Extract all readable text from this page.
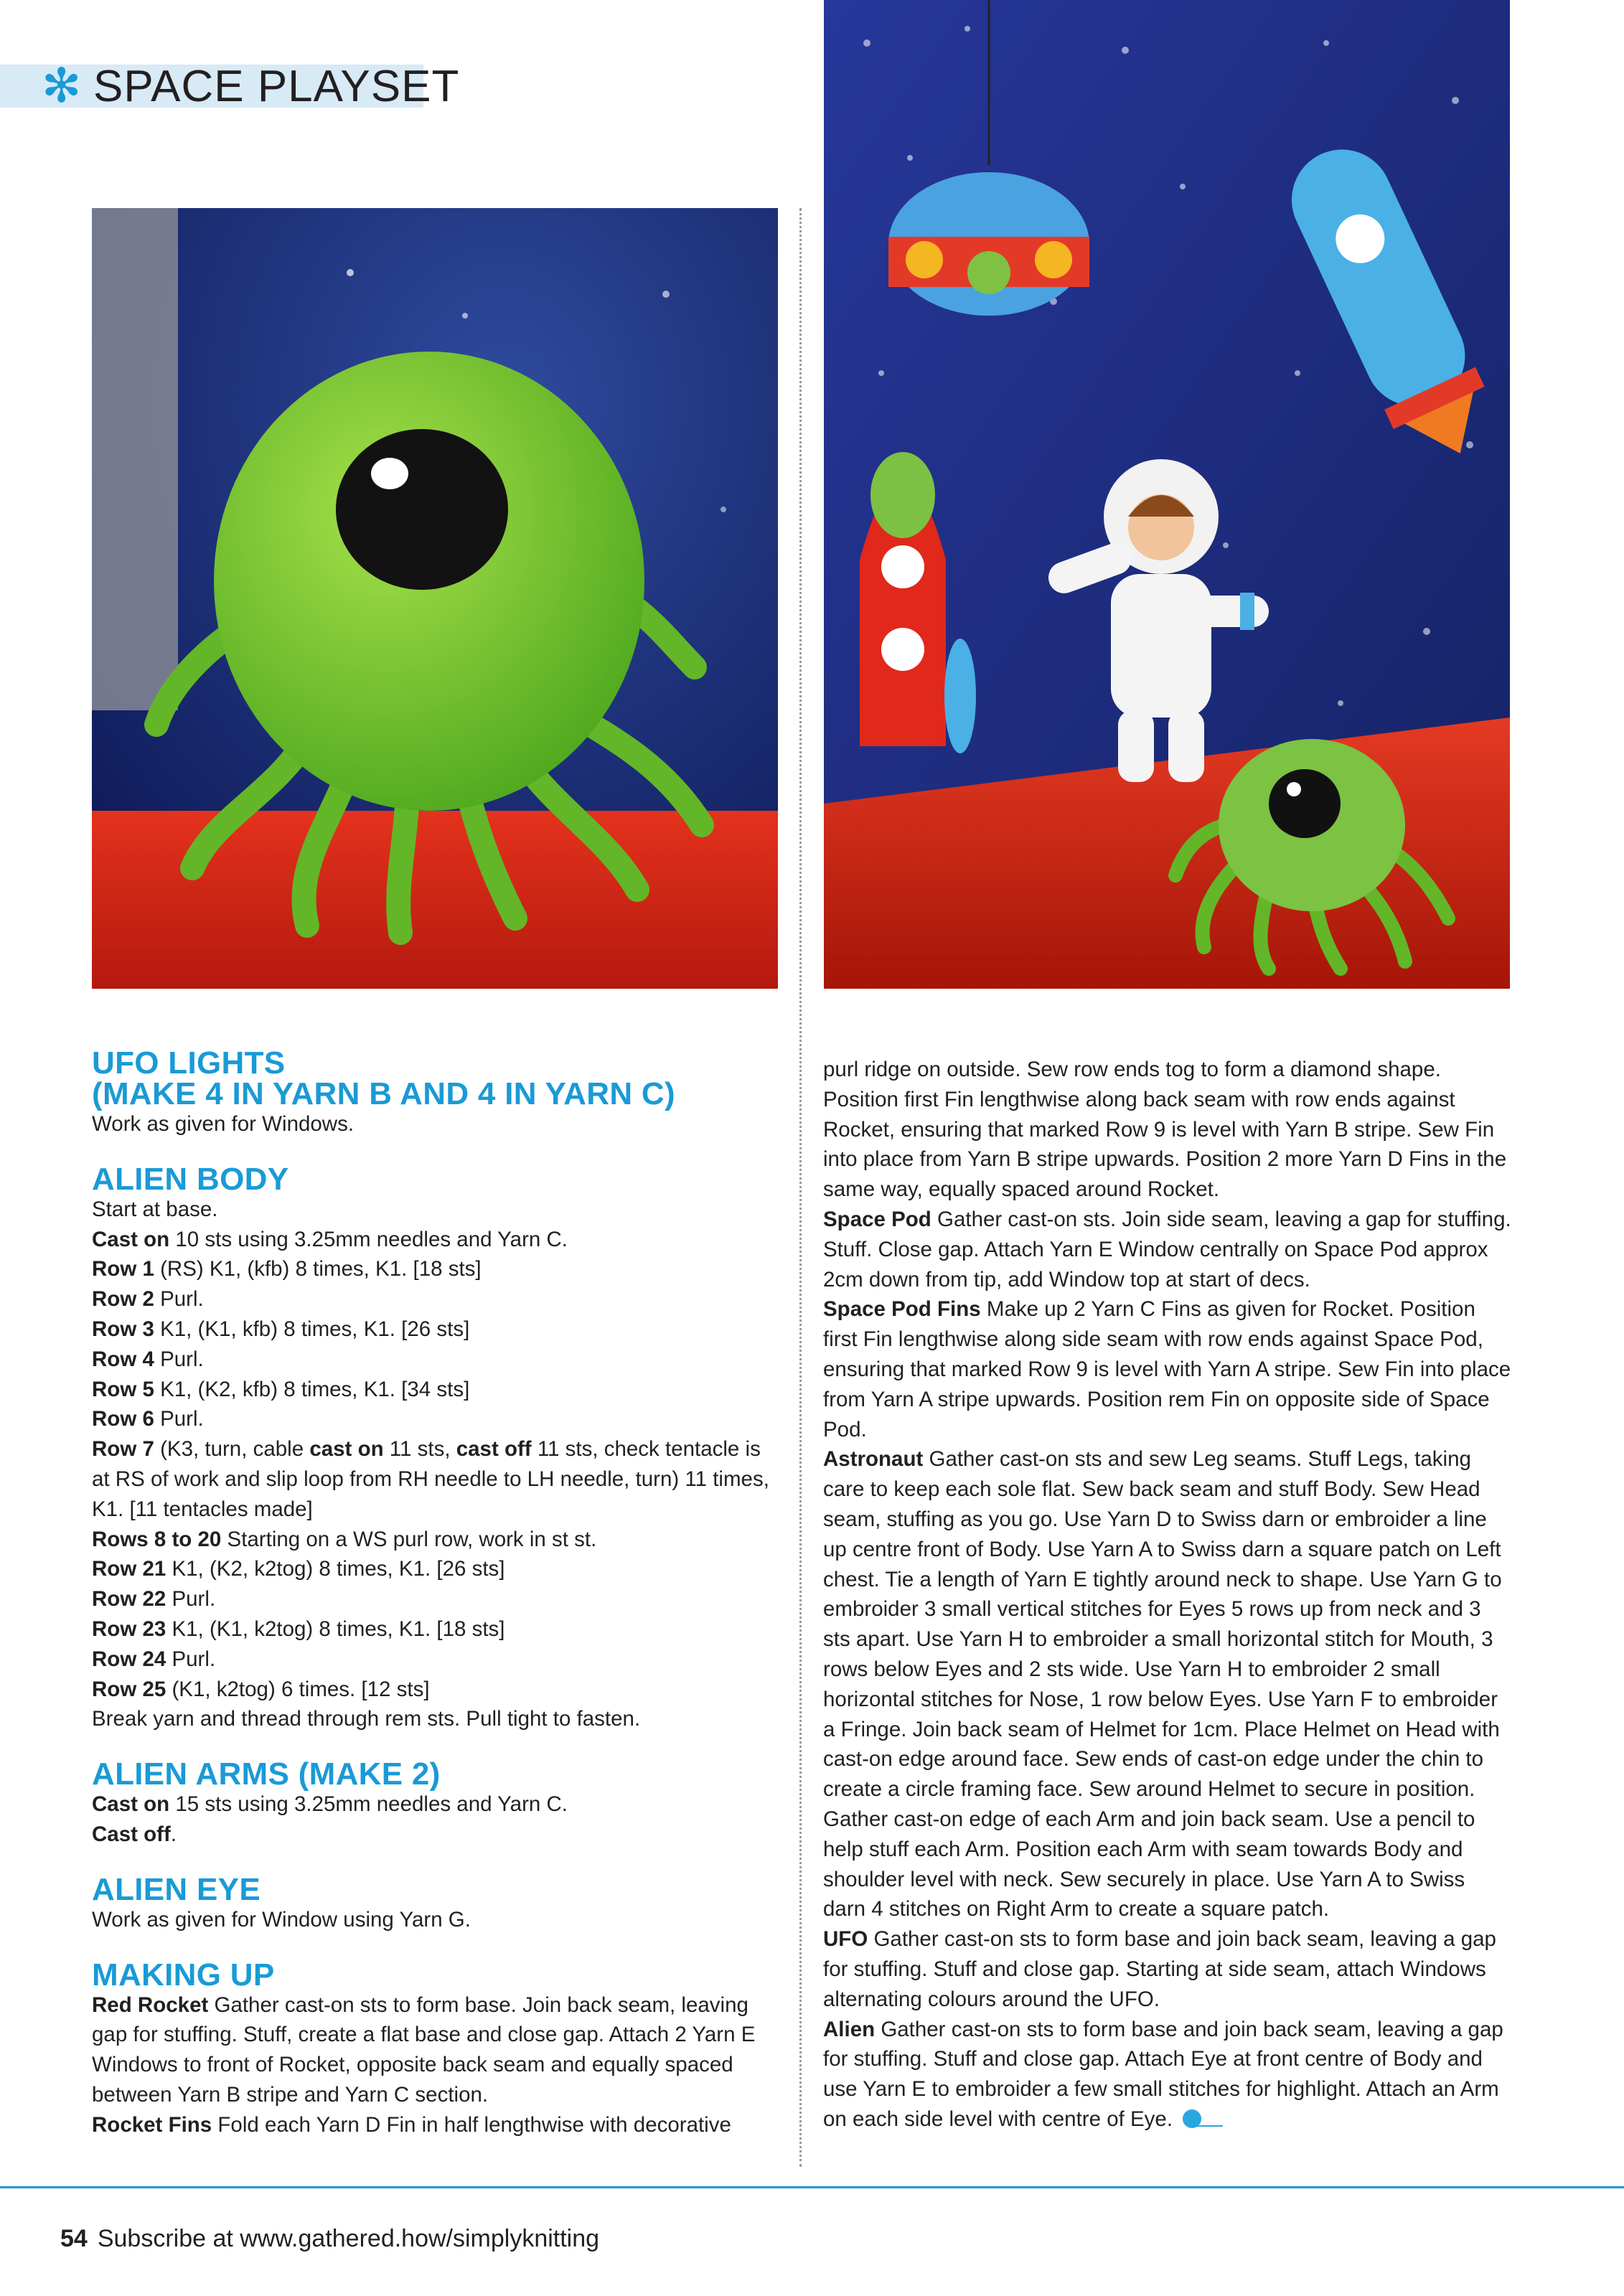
✻ SPACE PLAYSET
UFO LIGHTS
(MAKE 4 IN YARN B AND 4 IN YARN C)

Work as given for Windows.

ALIEN BODY

Start at base.

Cast on 10 sts using 3.25mm needles and Yarn C.

Row 1 (RS) K1, (kfb) 8 times, K1. [18 sts]

Row 2 Purl.

Row 3 K1, (K1, kfb) 8 times, K1. [26 sts]

Row 4 Purl.

Row 5 K1, (K2, kfb) 8 times, K1. [34 sts]

Row 6 Purl.

Row 7 (K3, turn, cable cast on 11 sts, cast off 11 sts, check tentacle is at RS of work and slip loop from RH needle to LH needle, turn) 11 times, K1. [11 tentacles made]

Rows 8 to 20 Starting on a WS purl row, work in st st.

Row 21 K1, (K2, k2tog) 8 times, K1. [26 sts]

Row 22 Purl.

Row 23 K1, (K1, k2tog) 8 times, K1. [18 sts]

Row 24 Purl.

Row 25 (K1, k2tog) 6 times. [12 sts]

Break yarn and thread through rem sts. Pull tight to fasten.

ALIEN ARMS (MAKE 2)

Cast on 15 sts using 3.25mm needles and Yarn C.

Cast off.

ALIEN EYE

Work as given for Window using Yarn G.

MAKING UP

Red Rocket Gather cast-on sts to form base. Join back seam, leaving gap for stuffing. Stuff, create a flat base and close gap. Attach 2 Yarn E Windows to front of Rocket, opposite back seam and equally spaced between Yarn B stripe and Yarn C section.

Rocket Fins Fold each Yarn D Fin in half lengthwise with decorative

purl ridge on outside. Sew row ends tog to form a diamond shape. Position first Fin lengthwise along back seam with row ends against Rocket, ensuring that marked Row 9 is level with Yarn B stripe. Sew Fin into place from Yarn B stripe upwards. Position 2 more Yarn D Fins in the same way, equally spaced around Rocket.

Space Pod Gather cast-on sts. Join side seam, leaving a gap for stuffing. Stuff. Close gap. Attach Yarn E Window centrally on Space Pod approx 2cm down from tip, add Window top at start of decs.

Space Pod Fins Make up 2 Yarn C Fins as given for Rocket. Position first Fin lengthwise along side seam with row ends against Space Pod, ensuring that marked Row 9 is level with Yarn A stripe. Sew Fin into place from Yarn A stripe upwards. Position rem Fin on opposite side of Space Pod.

Astronaut Gather cast-on sts and sew Leg seams. Stuff Legs, taking care to keep each sole flat. Sew back seam and stuff Body. Sew Head seam, stuffing as you go. Use Yarn D to Swiss darn or embroider a line up centre front of Body. Use Yarn A to Swiss darn a square patch on Left chest. Tie a length of Yarn E tightly around neck to shape. Use Yarn G to embroider 3 small vertical stitches for Eyes 5 rows up from neck and 3 sts apart. Use Yarn H to embroider a small horizontal stitch for Mouth, 3 rows below Eyes and 2 sts wide. Use Yarn H to embroider 2 small horizontal stitches for Nose, 1 row below Eyes. Use Yarn F to embroider a Fringe. Join back seam of Helmet for 1cm. Place Helmet on Head with cast-on edge around face. Sew ends of cast-on edge under the chin to create a circle framing face. Sew around Helmet to secure in position. Gather cast-on edge of each Arm and join back seam. Use a pencil to help stuff each Arm. Position each Arm with seam towards Body and shoulder level with neck. Sew securely in place. Use Yarn A to Swiss darn 4 stitches on Right Arm to create a square patch.

UFO Gather cast-on sts to form base and join back seam, leaving a gap for stuffing. Stuff and close gap. Starting at side seam, attach Windows alternating colours around the UFO.

Alien Gather cast-on sts to form base and join back seam, leaving a gap for stuffing. Stuff and close gap. Attach Eye at front centre of Body and use Yarn E to embroider a few small stitches for highlight. Attach an Arm on each side level with centre of Eye.

54 Subscribe at www.gathered.how/simplyknitting
